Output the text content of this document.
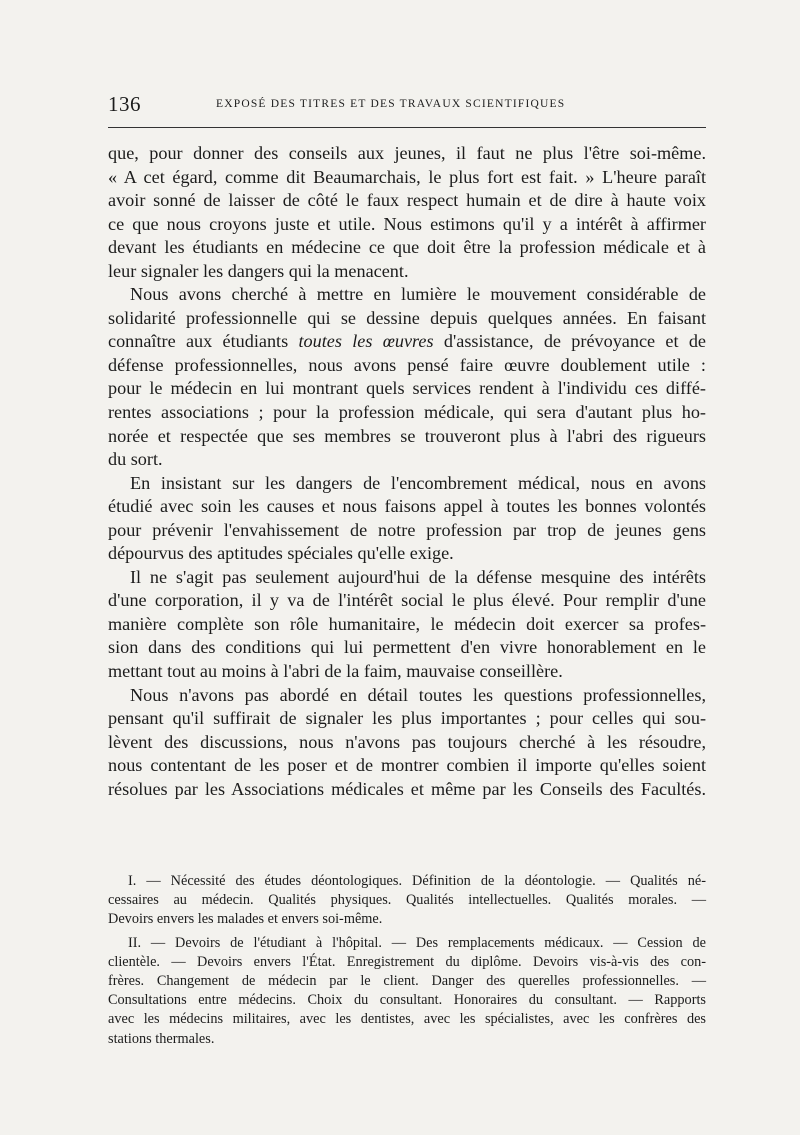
136	EXPOSÉ DES TITRES ET DES TRAVAUX SCIENTIFIQUES
que, pour donner des conseils aux jeunes, il faut ne plus l'être soi-même.
« A cet égard, comme dit Beaumarchais, le plus fort est fait. » L'heure paraît
avoir sonné de laisser de côté le faux respect humain et de dire à haute voix
ce que nous croyons juste et utile. Nous estimons qu'il y a intérêt à affirmer
devant les étudiants en médecine ce que doit être la profession médicale et à
leur signaler les dangers qui la menacent.
Nous avons cherché à mettre en lumière le mouvement considérable de
solidarité professionnelle qui se dessine depuis quelques années. En faisant
connaître aux étudiants toutes les œuvres d'assistance, de prévoyance et de
défense professionnelles, nous avons pensé faire œuvre doublement utile :
pour le médecin en lui montrant quels services rendent à l'individu ces diffé-
rentes associations ; pour la profession médicale, qui sera d'autant plus ho-
norée et respectée que ses membres se trouveront plus à l'abri des rigueurs
du sort.
En insistant sur les dangers de l'encombrement médical, nous en avons
étudié avec soin les causes et nous faisons appel à toutes les bonnes volontés
pour prévenir l'envahissement de notre profession par trop de jeunes gens
dépourvus des aptitudes spéciales qu'elle exige.
Il ne s'agit pas seulement aujourd'hui de la défense mesquine des intérêts
d'une corporation, il y va de l'intérêt social le plus élevé. Pour remplir d'une
manière complète son rôle humanitaire, le médecin doit exercer sa profes-
sion dans des conditions qui lui permettent d'en vivre honorablement en le
mettant tout au moins à l'abri de la faim, mauvaise conseillère.
Nous n'avons pas abordé en détail toutes les questions professionnelles,
pensant qu'il suffirait de signaler les plus importantes ; pour celles qui sou-
lèvent des discussions, nous n'avons pas toujours cherché à les résoudre,
nous contentant de les poser et de montrer combien il importe qu'elles soient
résolues par les Associations médicales et même par les Conseils des Facultés.
I. — Nécessité des études déontologiques. Définition de la déontologie. — Qualités né-
cessaires au médecin. Qualités physiques. Qualités intellectuelles. Qualités morales. —
Devoirs envers les malades et envers soi-même.
II. — Devoirs de l'étudiant à l'hôpital. — Des remplacements médicaux. — Cession de
clientèle. — Devoirs envers l'État. Enregistrement du diplôme. Devoirs vis-à-vis des con-
frères. Changement de médecin par le client. Danger des querelles professionnelles. —
Consultations entre médecins. Choix du consultant. Honoraires du consultant. — Rapports
avec les médecins militaires, avec les dentistes, avec les spécialistes, avec les confrères des
stations thermales.
